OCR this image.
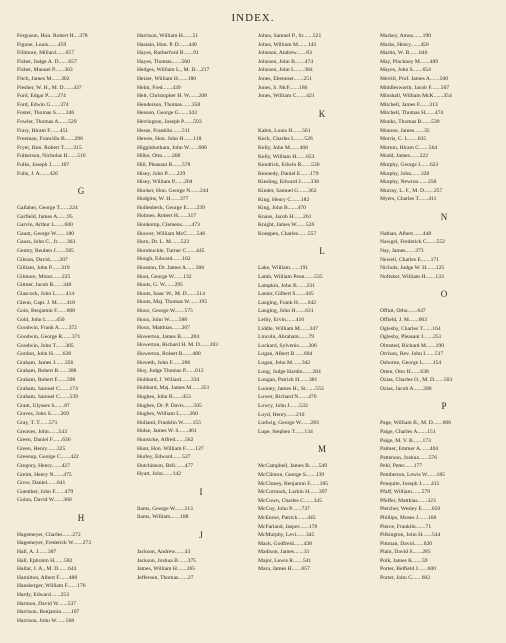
INDEX.
Ferguson, Hon. Robert H....378
Figone, Louis.......459
Fillmore, Millard.......657
Fisher, Judge A. D.......657
Fisher, Manuel P.......363
Fitch, James M.......302
Flesher, W. H., M. D.......437
Ford, Edgar P.......274
Ford, Edwin G.......374
Foster, Thomas S.......346
Fowler, Thomas A.......529
Frary, Hiram F.......451
Freeman, Francillo B.......296
Fryer, Hon. Robert T.......315
Fulkerson, Nicholas H.......516
Fulks, Joseph J.......107
Fults, J. A.......426
G
Gallaher, George T.......224
Garfield, James A.......95
Garvin, Arthur L.......600
Gaunt, George W.......180
Gauss, John C., Jr.......363
Gentry, Reuben J.......585
Gibson, David.......207
Gilliam, John P.......319
Gilmore, Minor.......225
Gittner, Jacob B.......340
Glascock, John L.......414
Glenn, Capt. J. M.......418
Goin, Benjamin F.......608
Gold, John L.......450
Goodwin, Frank A.......372
Goodwin, George R.......371
Goodwin, John T.......305
Gordon, John H.......628
Graham, James J.......356
Graham, Robert B.......308
Graham, Robert F.......590
Graham, Samuel C.......174
Graham, Samuel C.......539
Grant, Ulysses S.......87
Graves, John S.......269
Gray, T. T.......571
Greaves, John.......543
Green, Daniel F.......636
Green, Henry.......325
Greenup, George C.......422
Gregory, Henry.......427
Greim, Henry N.......475
Grow, Daniel.......641
Guenther, John F.......479
Guinn, David W.......360
H
Hagemeyer, Charles.......272
Hagemeyer, Frederick W.......273
Hall, A. J.......387
Hall, Ephraim H.......582
Hallar, J. A., M. D.......643
Hamilton, Albert F.......488
Hansberger, William F.......176
Hardy, Edward.......253
Harmon, David W.......537
Harrison, Benjamin.......107
Harrison, John W.......568
Harrison, William H.......51
Hastain, Hon. P. D.......440
Hayes, Rutherford B.......91
Hayes, Thomas.......560
Hedges, William L., M. D....217
Heizer, William H.......180
Helm, Fred.......439
Helt, Christopher H. W.......208
Henderson, Thomas.......358
Henson, George G.......343
Herrington, Joseph P.......593
Hesse, Franklin.......511
Hewes, Hon. John H.......118
Higginbotham, John W.......606
Hilke, Otto.......268
Hill, Pleasant B.......578
Hisey, John P.......229
Hisey, William P.......204
Hocker, Hon. George N.......244
Hodgins, W. H.......377
Hollenbeck, George E.......239
Holmes, Robert H.......317
Honkomp, Clemens.......473
Hoover, William McC.......546
Horn, Dr. L. M.......523
Hornbuckle, Turner C.......445
Hough, Edward.......162
Houston, Dr. James A.......306
Hout, George W.......132
Houts, G. W.......295
Houts, Isaac W., M. D.......514
Houts, Maj. Thomas W.......195
Houx, George W.......575
Houx, John W.......588
Houx, Matthias.......267
Howerton, James B.......204
Howerton, Richard H. M. D.......203
Howerton, Robert R.......480
Howeth, John F.......286
Hoy, Judge Thomas P.......612
Hubbard, J. Willard.......334
Hubbard, Maj. James M.......351
Hughes, John B.......453
Hughes, Dr. P. Davis.......505
Hughes, William L.......260
Hulland, Franklin W.......155
Hulse, James W. S.......461
Hunsicke, Alfred.......562
Hunt, Hon. William F.......127
Hurley, Edward.......527
Hutchinson, Bell.......477
Hyatt, John.......142
I
Ilams, George W.......213
Ilams, William.......188
J
Jackson, Andrew.......43
Jackson, Joshua B.......375
James, William H.......265
Jefferson, Thomas.......27
Johns, Samuel P., Sr.......521
Johns, William M.......143
Johnson, Andrew.......83
Johnson, John B.......474
Johnson, John L.......384
Jones, Ebenezer.......251
Jones, S. McF.......186
Jones, William C.......421
K
Kabrs, Louis H.......561
Keck, Charles L.......526
Kelly, John M.......468
Kelly, William H.......653
Kendrick, Edwin R.......536
Kennedy, Daniel E.......179
Kiesling, Edward J.......338
Kinder, Samuel G.......362
King, Henry C.......182
King, John B.......470
Knaus, Jacob H.......261
Knight, James W.......526
Koeppen, Charles.......557
L
Lake, William.......191
Lamb, William Penn.......535
Lampkin, John B.......231
Lanier, Gilbert S.......445
Lauging, Frank H.......642
Lauging, John H.......631
Leiby, Ervin.......416
Liddle, William M.......347
Lincoln, Abraham.......79
Lockard, Sylvenis.......206
Logan, Albert B.......604
Logan, John M.......342
Long, Judge Hardin.......284
Longan, Patrick H.......381
Looney, James H., Sr.......553
Lower, Richard N.......476
Lowry, John J.......533
Loyd, Henry.......210
Ludwig, George W.......283
Lupe, Stephen T.......134
M
McCampbell, James B.......549
McClinton, George S.......139
McCluney, Benjamin F.......185
McCormack, Larkin H.......397
McCown, Charles C.......345
McCoy, John P.......737
McEnroe, Patrick.......445
McFarland, Jasper.......178
McMurphy, Levi.......345
Mack, Godfreid.......438
Madison, James.......31
Major, Lewis R.......541
Mara, James H.......657
Markey, Amos.......190
Marks, Henry.......456
Martin, W. B.......646
May, Pinckney M.......409
Mayes, John S.......654
Merrill, Prof. James A.......500
Middlesworth, Jacob F.......507
Minshall, William McK.......354
Mitchell, James F.......313
Mitchell, Thomas H.......474
Monks, Thomas B.......539
Monroe, James.......35
Morris, C. L.......635
Morton, Hiram C.......564
Mudd, James.......222
Murphy, George I.......623
Murphy, John.......328
Murphy, Newton.......258
Murray, L. F., M. D.......257
Myers, Charles T.......411
N
Nathan, Albert.......448
Nawgel, Frederick C.......552
Nay, James.......373
Newell, Charles E.......171
Nichols, Judge W. H.......125
Noftsker, William H.......133
O
Offutt, Otho.......647
Offield, J. M.......603
Oglesby, Charles T.......164
Oglesby, Pleasant J.......251
Olmsted, Richard M.......190
Orrison, Rev. John I.......517
Osborne, George L.......154
Otten, Otto H.......638
Ozias, Charles O., M. D.......503
Ozias, Jacob A.......280
P
Page, William B., M. D.......606
Paige, Charles A.......151
Paige, M. V. B.......173
Palmer, Emmer A.......404
Patterson, Joshua.......576
Pehl, Peter.......177
Pemberton, Lewis W.......185
Penquite, Joseph J.......415
Pfaff, William.......579
Pfeffer, Matthias.......323
Pletcher, Wesley E.......650
Phillips, Moses J.......168
Pierce, Franklin.......71
Pilkington, John H.......544
Pittman, David.......620
Plain, David S.......285
Polk, James K.......59
Porter, Belfield J.......600
Porter, John C.......602
